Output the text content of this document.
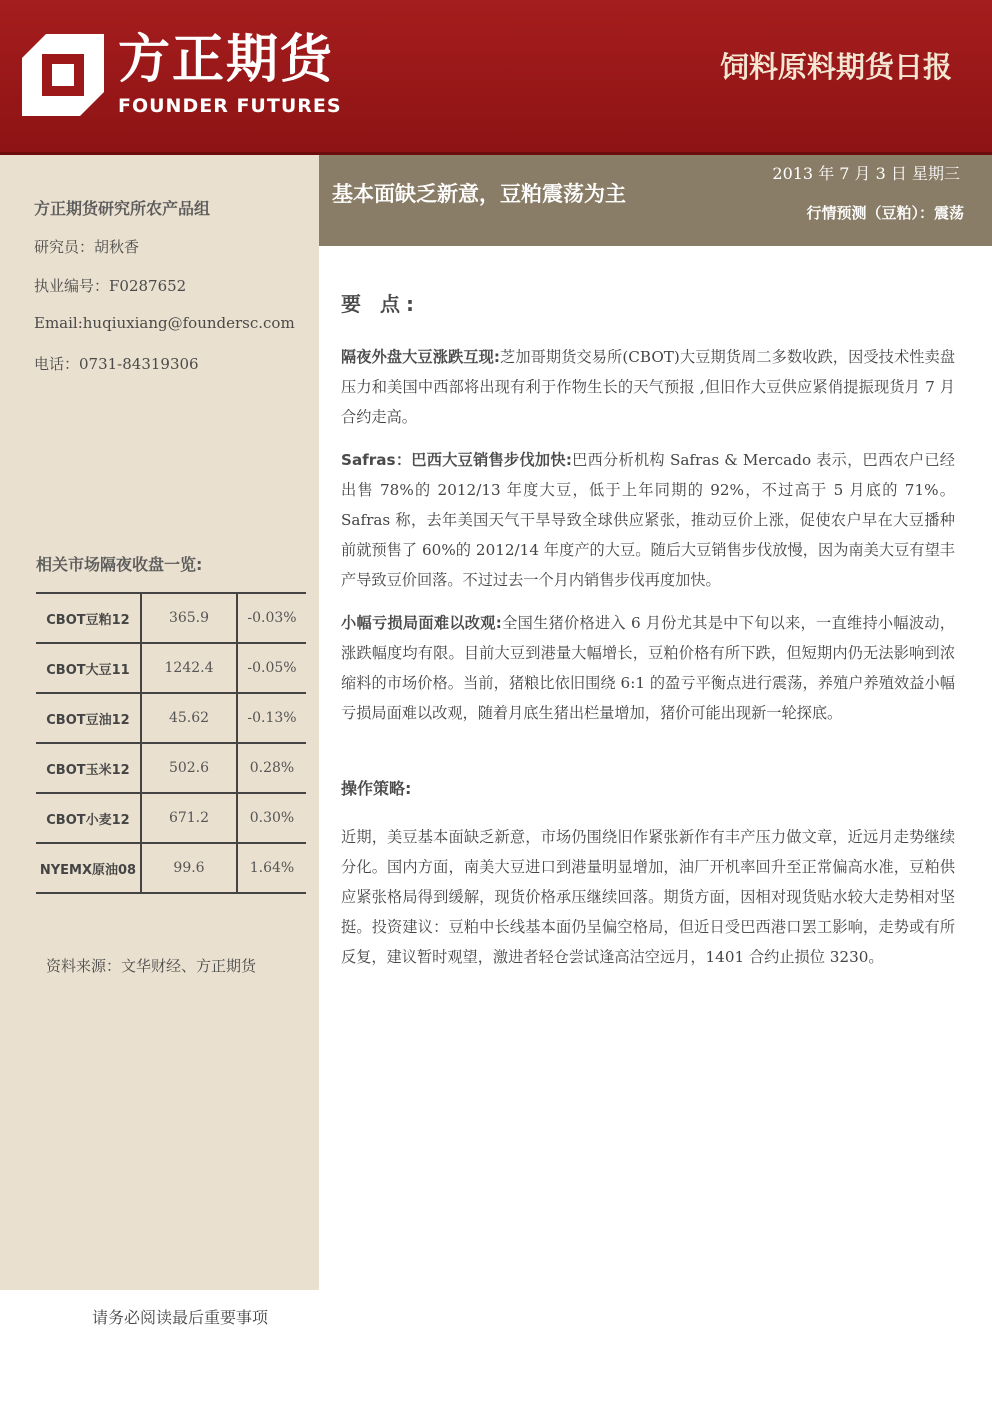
方正期货

FOUNDER FUTURES

饲料原料期货日报

方正期货研究所农产品组

研究员：胡秋香

执业编号：F0287652

Email:huqiuxiang@foundersc.com

电话：0731-84319306

相关市场隔夜收盘一览:

CBOT豆粕12	365.9	-0.03%
CBOT大豆11	1242.4	-0.05%
CBOT豆油12	45.62	-0.13%
CBOT玉米12	502.6	0.28%
CBOT小麦12	671.2	0.30%
NYEMX原油08	99.6	1.64%

资料来源：文华财经、方正期货

基本面缺乏新意，豆粕震荡为主

2013 年 7 月 3 日 星期三

行情预测（豆粕）：震荡

要 点:

隔夜外盘大豆涨跌互现:芝加哥期货交易所(CBOT)大豆期货周二多数收跌，因受技术性卖盘压力和美国中西部将出现有利于作物生长的天气预报 ,但旧作大豆供应紧俏提振现货月 7 月合约走高。

Safras：巴西大豆销售步伐加快:巴西分析机构 Safras & Mercado 表示，巴西农户已经出售 78%的 2012/13 年度大豆，低于上年同期的 92%，不过高于 5 月底的 71%。Safras 称，去年美国天气干旱导致全球供应紧张，推动豆价上涨，促使农户早在大豆播种前就预售了 60%的 2012/14 年度产的大豆。随后大豆销售步伐放慢，因为南美大豆有望丰产导致豆价回落。不过过去一个月内销售步伐再度加快。

小幅亏损局面难以改观:全国生猪价格进入 6 月份尤其是中下旬以来，一直维持小幅波动，涨跌幅度均有限。目前大豆到港量大幅增长，豆粕价格有所下跌，但短期内仍无法影响到浓缩料的市场价格。当前，猪粮比依旧围绕 6:1 的盈亏平衡点进行震荡，养殖户养殖效益小幅亏损局面难以改观，随着月底生猪出栏量增加，猪价可能出现新一轮探底。

操作策略:

近期，美豆基本面缺乏新意，市场仍围绕旧作紧张新作有丰产压力做文章，近远月走势继续分化。国内方面，南美大豆进口到港量明显增加，油厂开机率回升至正常偏高水准，豆粕供应紧张格局得到缓解，现货价格承压继续回落。期货方面，因相对现货贴水较大走势相对坚挺。投资建议：豆粕中长线基本面仍呈偏空格局，但近日受巴西港口罢工影响，走势或有所反复，建议暂时观望，激进者轻仓尝试逢高沽空远月，1401 合约止损位 3230。

请务必阅读最后重要事项
